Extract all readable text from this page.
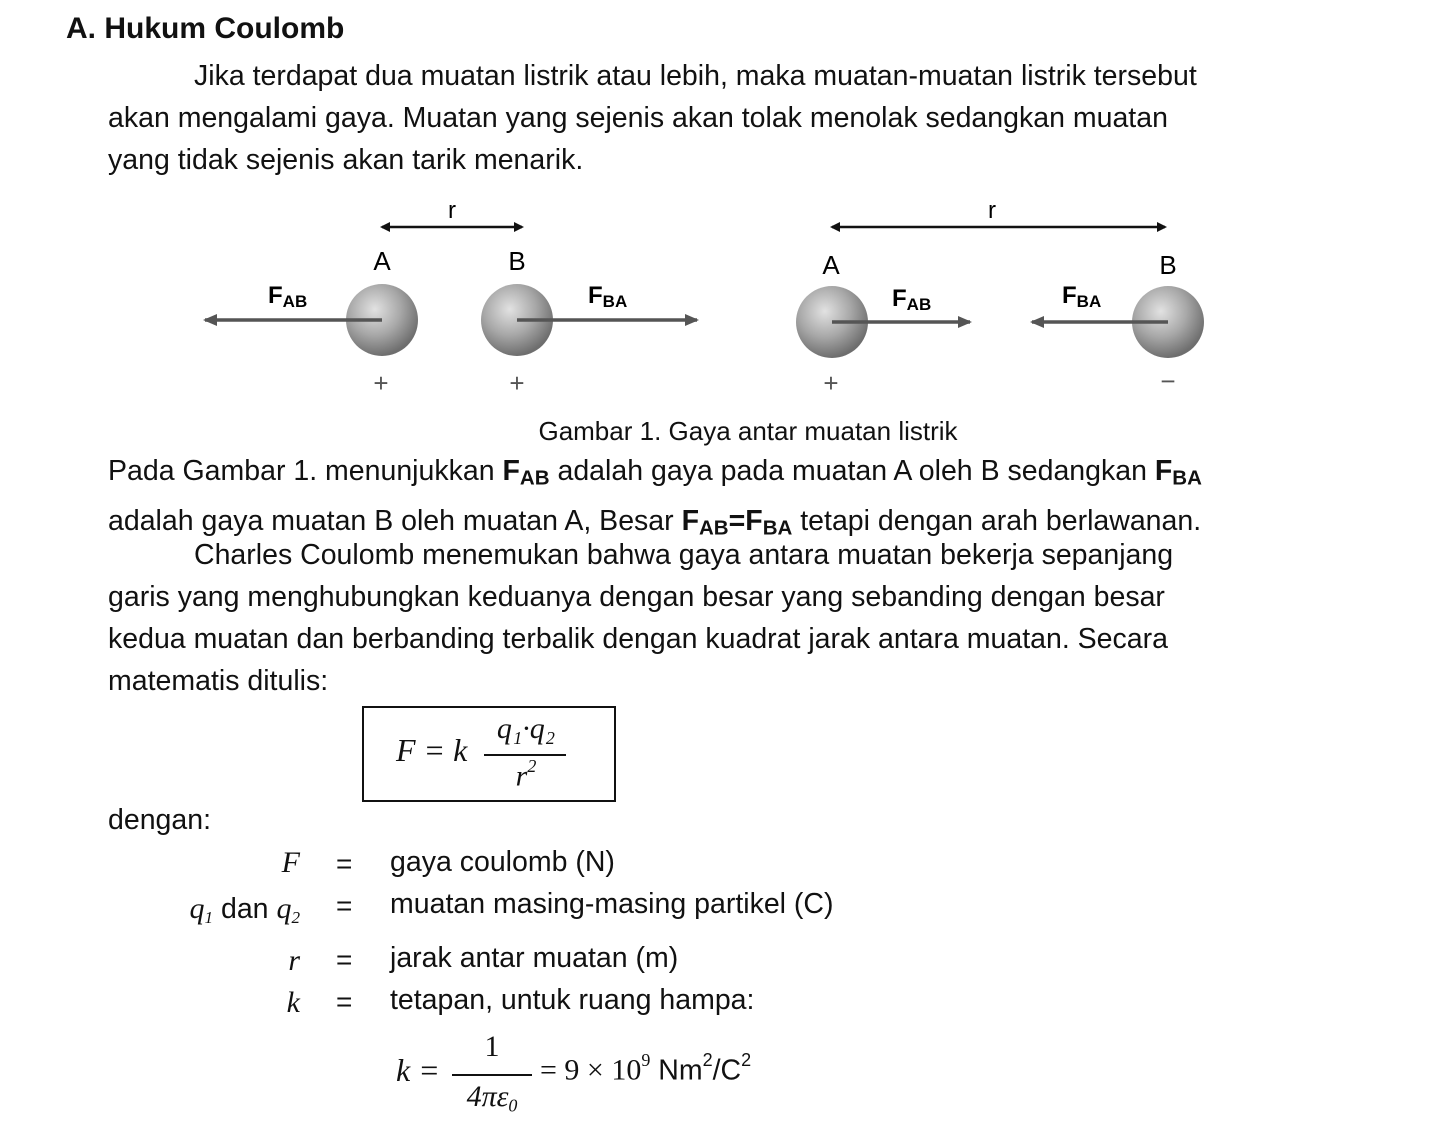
A. Hukum Coulomb
Jika terdapat dua muatan listrik atau lebih, maka muatan-muatan listrik tersebut
akan mengalami gaya. Muatan yang sejenis akan tolak menolak sedangkan muatan
yang tidak sejenis akan tarik menarik.
r
A	B
FAB	FBA
+	+
r
A	B
FAB	FBA
+	−
Gambar 1. Gaya antar muatan listrik
Pada Gambar 1. menunjukkan $F_{AB}$ adalah gaya pada muatan A oleh B sedangkan $F_{BA}$
adalah gaya muatan B oleh muatan A, Besar $F_{AB}=F_{BA}$ tetapi dengan arah berlawanan.
Charles Coulomb menemukan bahwa gaya antara muatan bekerja sepanjang
garis yang menghubungkan keduanya dengan besar yang sebanding dengan besar
kedua muatan dan berbanding terbalik dengan kuadrat jarak antara muatan. Secara
matematis ditulis:
F = k
q₁·q₂
$r^2$
dengan:
F = gaya coulomb (N)
q1 dan q2 = muatan masing-masing partikel (C)
r = jarak antar muatan (m)
k = tetapan, untuk ruang hampa:
k =
1
4πε0
= $9 \times 10^9$ $Nm^2/C^2$
